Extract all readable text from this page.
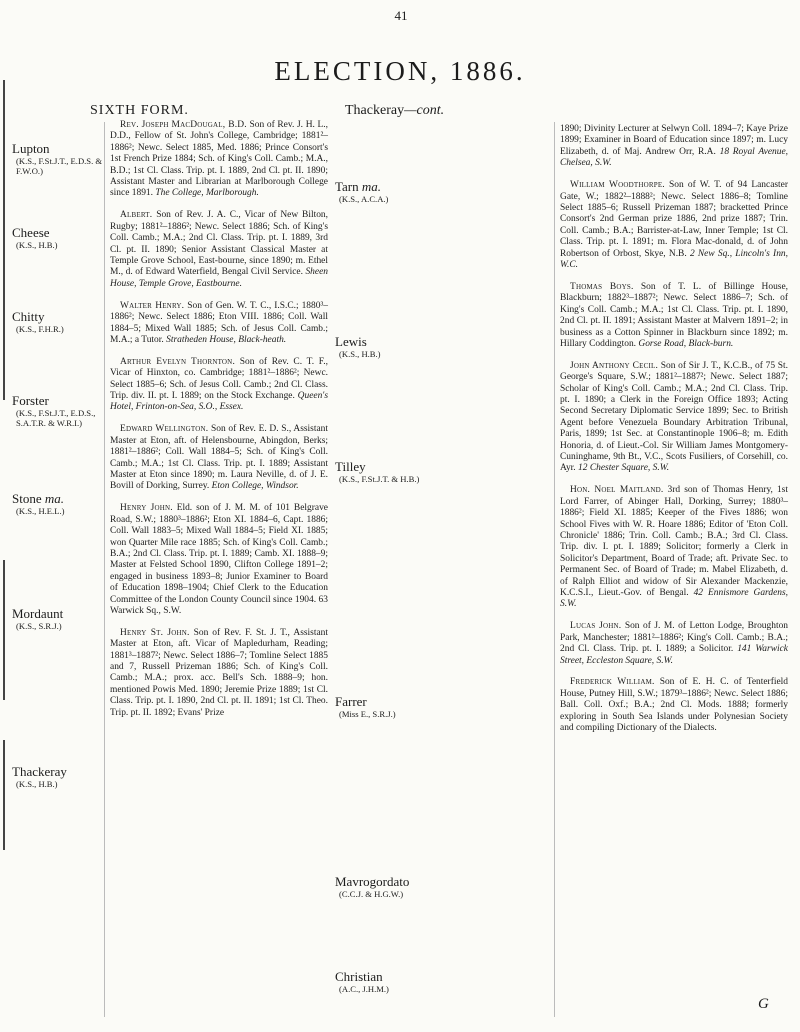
41
ELECTION, 1886.
SIXTH FORM.	Thackeray—cont.
Lupton
(K.S., F.St.J.T., E.D.S. & F.W.O.)
Cheese
(K.S., H.B.)
Chitty
(K.S., F.H.R.)
Forster
(K.S., F.St.J.T., E.D.S., S.A.T.R. & W.R.I.)
Stone ma.
(K.S., H.E.L.)
Mordaunt
(K.S., S.R.J.)
Thackeray
(K.S., H.B.)
Tarn ma.
(K.S., A.C.A.)
Lewis
(K.S., H.B.)
Tilley
(K.S., F.St.J.T. & H.B.)
Farrer
(Miss E., S.R.J.)
Mavrogordato
(C.C.J. & H.G.W.)
Christian
(A.C., J.H.M.)

Rev. Joseph MacDougal, B.D. Son of Rev. J. H. L., D.D., Fellow of St. John's College, Cambridge; 1881²–1886²; Newc. Select 1885, Med. 1886; Prince Consort's 1st French Prize 1884; Sch. of King's Coll. Camb.; M.A., B.D.; 1st Cl. Class. Trip. pt. I. 1889, 2nd Cl. pt. II. 1890; Assistant Master and Librarian at Marlborough College since 1891. The College, Marlborough.

Albert. Son of Rev. J. A. C., Vicar of New Bilton, Rugby; 1881²–1886²; Newc. Select 1886; Sch. of King's Coll. Camb.; M.A.; 2nd Cl. Class. Trip. pt. I. 1889, 3rd Cl. pt. II. 1890; Senior Assistant Classical Master at Temple Grove School, East-bourne, since 1890; m. Ethel M., d. of Edward Waterfield, Bengal Civil Service. Sheen House, Temple Grove, Eastbourne.

Walter Henry. Son of Gen. W. T. C., I.S.C.; 1880³–1886²; Newc. Select 1886; Eton VIII. 1886; Coll. Wall 1884–5; Mixed Wall 1885; Sch. of Jesus Coll. Camb.; M.A.; a Tutor. Stratheden House, Black-heath.

Arthur Evelyn Thornton. Son of Rev. C. T. F., Vicar of Hinxton, co. Cambridge; 1881²–1886²; Newc. Select 1885–6; Sch. of Jesus Coll. Camb.; 2nd Cl. Class. Trip. div. II. pt. I. 1889; on the Stock Exchange. Queen's Hotel, Frinton-on-Sea, S.O., Essex.

Edward Wellington. Son of Rev. E. D. S., Assistant Master at Eton, aft. of Helensbourne, Abingdon, Berks; 1881²–1886²; Coll. Wall 1884–5; Sch. of King's Coll. Camb.; M.A.; 1st Cl. Class. Trip. pt. I. 1889; Assistant Master at Eton since 1890; m. Laura Neville, d. of J. E. Bovill of Dorking, Surrey. Eton College, Windsor.

Henry John. Eld. son of J. M. M. of 101 Belgrave Road, S.W.; 1880³–1886²; Eton XI. 1884–6, Capt. 1886; Coll. Wall 1883–5; Mixed Wall 1884–5; Field XI. 1885; won Quarter Mile race 1885; Sch. of King's Coll. Camb.; B.A.; 2nd Cl. Class. Trip. pt. I. 1889; Camb. XI. 1888–9; Master at Felsted School 1890, Clifton College 1891–2; engaged in business 1893–8; Junior Examiner to Board of Education 1898–1904; Chief Clerk to the Education Committee of the London County Council since 1904. 63 Warwick Sq., S.W.

Henry St. John. Son of Rev. F. St. J. T., Assistant Master at Eton, aft. Vicar of Mapledurham, Reading; 1881³–1887²; Newc. Select 1886–7; Tomline Select 1885 and 7, Russell Prizeman 1886; Sch. of King's Coll. Camb.; M.A.; prox. acc. Bell's Sch. 1888–9; hon. mentioned Powis Med. 1890; Jeremie Prize 1889; 1st Cl. Class. Trip. pt. I. 1890, 2nd Cl. pt. II. 1891; 1st Cl. Theo. Trip. pt. II. 1892; Evans' Prize

1890; Divinity Lecturer at Selwyn Coll. 1894–7; Kaye Prize 1899; Examiner in Board of Education since 1897; m. Lucy Elizabeth, d. of Maj. Andrew Orr, R.A. 18 Royal Avenue, Chelsea, S.W.

William Woodthorpe. Son of W. T. of 94 Lancaster Gate, W.; 1882²–1888²; Newc. Select 1886–8; Tomline Select 1885–6; Russell Prizeman 1887; bracketted Prince Consort's 2nd German prize 1886, 2nd prize 1887; Trin. Coll. Camb.; B.A.; Barrister-at-Law, Inner Temple; 1st Cl. Class. Trip. pt. I. 1891; m. Flora Mac-donald, d. of John Robertson of Orbost, Skye, N.B. 2 New Sq., Lincoln's Inn, W.C.

Thomas Boys. Son of T. L. of Billinge House, Blackburn; 1882³–1887²; Newc. Select 1886–7; Sch. of King's Coll. Camb.; M.A.; 1st Cl. Class. Trip. pt. I. 1890, 2nd Cl. pt. II. 1891; Assistant Master at Malvern 1891–2; in business as a Cotton Spinner in Blackburn since 1892; m. Hillary Coddington. Gorse Road, Black-burn.

John Anthony Cecil. Son of Sir J. T., K.C.B., of 75 St. George's Square, S.W.; 1881²–1887²; Newc. Select 1887; Scholar of King's Coll. Camb.; M.A.; 2nd Cl. Class. Trip. pt. I. 1890; a Clerk in the Foreign Office 1893; Acting Second Secretary Diplomatic Service 1899; Sec. to British Agent before Venezuela Boundary Arbitration Tribunal, Paris, 1899; 1st Sec. at Constantinople 1906–8; m. Edith Honoria, d. of Lieut.-Col. Sir William James Montgomery-Cuninghame, 9th Bt., V.C., Scots Fusiliers, of Corsehill, co. Ayr. 12 Chester Square, S.W.

Hon. Noel Maitland. 3rd son of Thomas Henry, 1st Lord Farrer, of Abinger Hall, Dorking, Surrey; 1880³–1886²; Field XI. 1885; Keeper of the Fives 1886; won School Fives with W. R. Hoare 1886; Editor of 'Eton Coll. Chronicle' 1886; Trin. Coll. Camb.; B.A.; 3rd Cl. Class. Trip. div. I. pt. I. 1889; Solicitor; formerly a Clerk in Solicitor's Department, Board of Trade; aft. Private Sec. to Permanent Sec. of Board of Trade; m. Mabel Elizabeth, d. of Ralph Elliot and widow of Sir Alexander Mackenzie, K.C.S.I., Lieut.-Gov. of Bengal. 42 Ennismore Gardens, S.W.

Lucas John. Son of J. M. of Letton Lodge, Broughton Park, Manchester; 1881²–1886²; King's Coll. Camb.; B.A.; 2nd Cl. Class. Trip. pt. I. 1889; a Solicitor. 141 Warwick Street, Eccleston Square, S.W.

Frederick William. Son of E. H. C. of Tenterfield House, Putney Hill, S.W.; 1879³–1886²; Newc. Select 1886; Ball. Coll. Oxf.; B.A.; 2nd Cl. Mods. 1888; formerly exploring in South Sea Islands under Polynesian Society and compiling Dictionary of the Dialects.

G
